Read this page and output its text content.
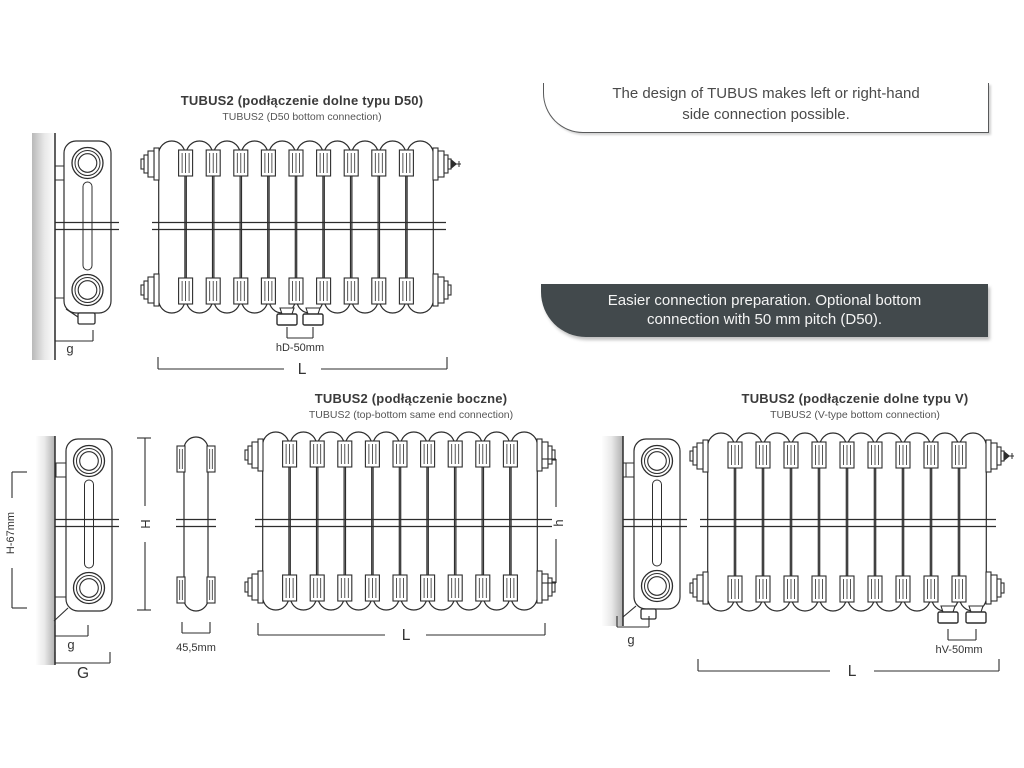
g	hD-50mm
L
H-67mm	H
45,5mm
g
G
h
L	g
hV-50mm
L
TUBUS2 (podłączenie dolne typu D50)
TUBUS2 (D50 bottom connection)
TUBUS2 (podłączenie boczne)
TUBUS2 (top-bottom same end connection)
TUBUS2 (podłączenie dolne typu V)
TUBUS2 (V-type bottom connection)
The design of TUBUS makes left or right-hand
side connection possible.
Easier connection preparation. Optional bottom
connection with 50 mm pitch (D50).
